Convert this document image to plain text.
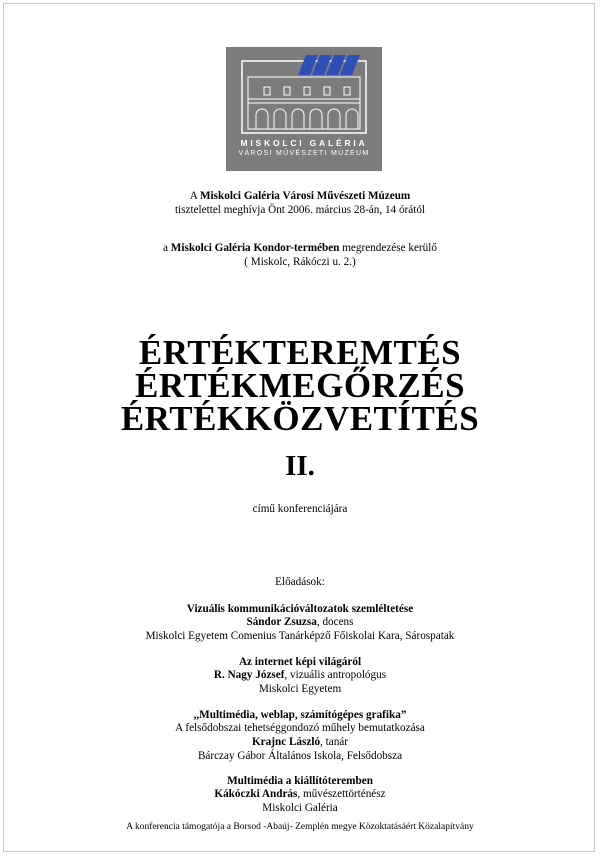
MISKOLCI GALÉRIA
VÁROSI MŰVÉSZETI MÚZEUM
A Miskolci Galéria Városi Művészeti Múzeum
tisztelettel meghívja Önt 2006. március 28-án, 14 órától
a Miskolci Galéria Kondor-termében megrendezése kerülő
( Miskolc, Rákóczi u. 2.)
ÉRTÉKTEREMTÉS
ÉRTÉKMEGŐRZÉS
ÉRTÉKKÖZVETÍTÉS
II.
című konferenciájára
Előadások:
Vizuális kommunikációváltozatok szemléltetése
Sándor Zsuzsa, docens
Miskolci Egyetem Comenius Tanárképző Főiskolai Kara, Sárospatak
Az internet képi világáról
R. Nagy József, vizuális antropológus
Miskolci Egyetem
,,Multimédia, weblap, számítógépes grafika”
A felsődobszai tehetséggondozó műhely bemutatkozása
Krajnc László, tanár
Bárczay Gábor Általános Iskola, Felsődobsza
Multimédia a kiállítóteremben
Kákóczki András, művészettörténész
Miskolci Galéria
A konferencia támogatója a Borsod -Abaúj- Zemplén megye Közoktatásáért Közalapítvány
